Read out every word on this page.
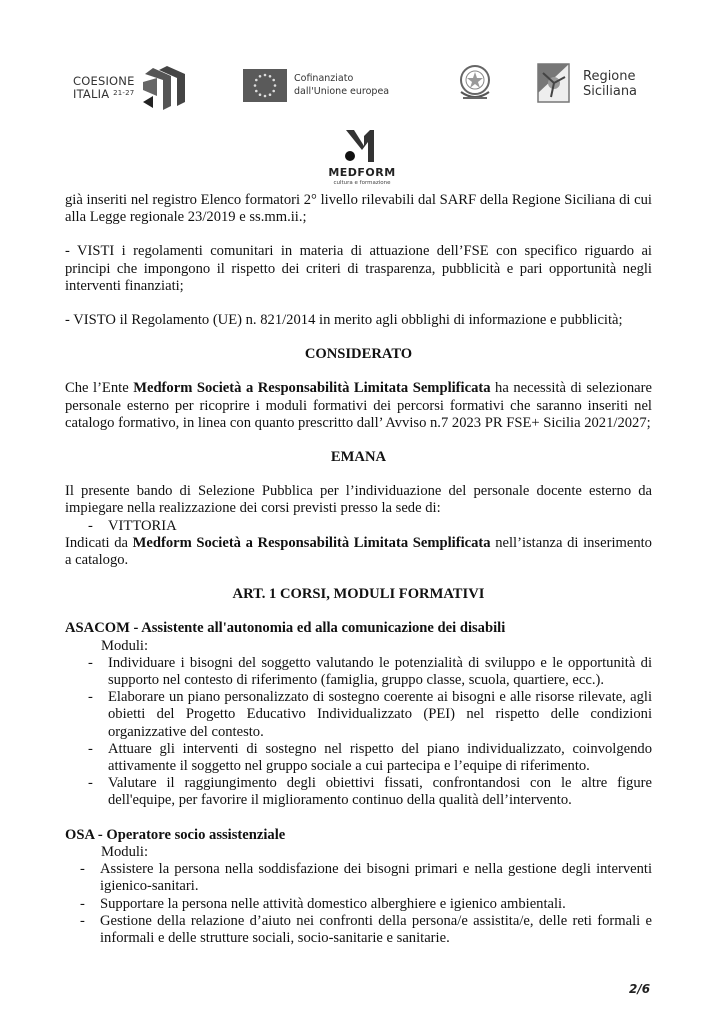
COESIONE
ITALIA $^{21-27}$
Cofinanziato
dall'Unione europea
Regione
Siciliana
MEDFORM
cultura e formazione

già inseriti nel registro Elenco formatori 2° livello rilevabili dal SARF della Regione Siciliana di cui alla Legge regionale 23/2019 e ss.mm.ii.;

- VISTI i regolamenti comunitari in materia di attuazione dell’FSE con specifico riguardo ai principi che impongono il rispetto dei criteri di trasparenza, pubblicità e pari opportunità negli interventi finanziati;

- VISTO il Regolamento (UE) n. 821/2014 in merito agli obblighi di informazione e pubblicità;

CONSIDERATO

Che l’Ente Medform Società a Responsabilità Limitata Semplificata ha necessità di selezionare personale esterno per ricoprire i moduli formativi dei percorsi formativi che saranno inseriti nel catalogo formativo, in linea con quanto prescritto dall’ Avviso n.7 2023 PR FSE+ Sicilia 2021/2027;

EMANA

Il presente bando di Selezione Pubblica per l’individuazione del personale docente esterno da impiegare nella realizzazione dei corsi previsti presso la sede di:

- VITTORIA

Indicati da Medform Società a Responsabilità Limitata Semplificata nell’istanza di inserimento a catalogo.

ART. 1 CORSI, MODULI FORMATIVI

ASACOM - Assistente all'autonomia ed alla comunicazione dei disabili

Moduli:

- Individuare i bisogni del soggetto valutando le potenzialità di sviluppo e le opportunità di supporto nel contesto di riferimento (famiglia, gruppo classe, scuola, quartiere, ecc.).
- Elaborare un piano personalizzato di sostegno coerente ai bisogni e alle risorse rilevate, agli obietti del Progetto Educativo Individualizzato (PEI) nel rispetto delle condizioni organizzative del contesto.
- Attuare gli interventi di sostegno nel rispetto del piano individualizzato, coinvolgendo attivamente il soggetto nel gruppo sociale a cui partecipa e l’equipe di riferimento.
- Valutare il raggiungimento degli obiettivi fissati, confrontandosi con le altre figure dell'equipe, per favorire il miglioramento continuo della qualità dell’intervento.

OSA - Operatore socio assistenziale

Moduli:

- Assistere la persona nella soddisfazione dei bisogni primari e nella gestione degli interventi igienico-sanitari.
- Supportare la persona nelle attività domestico alberghiere e igienico ambientali.
- Gestione della relazione d’aiuto nei confronti della persona/e assistita/e, delle reti formali e informali e delle strutture sociali, socio-sanitarie e sanitarie.
2/6
